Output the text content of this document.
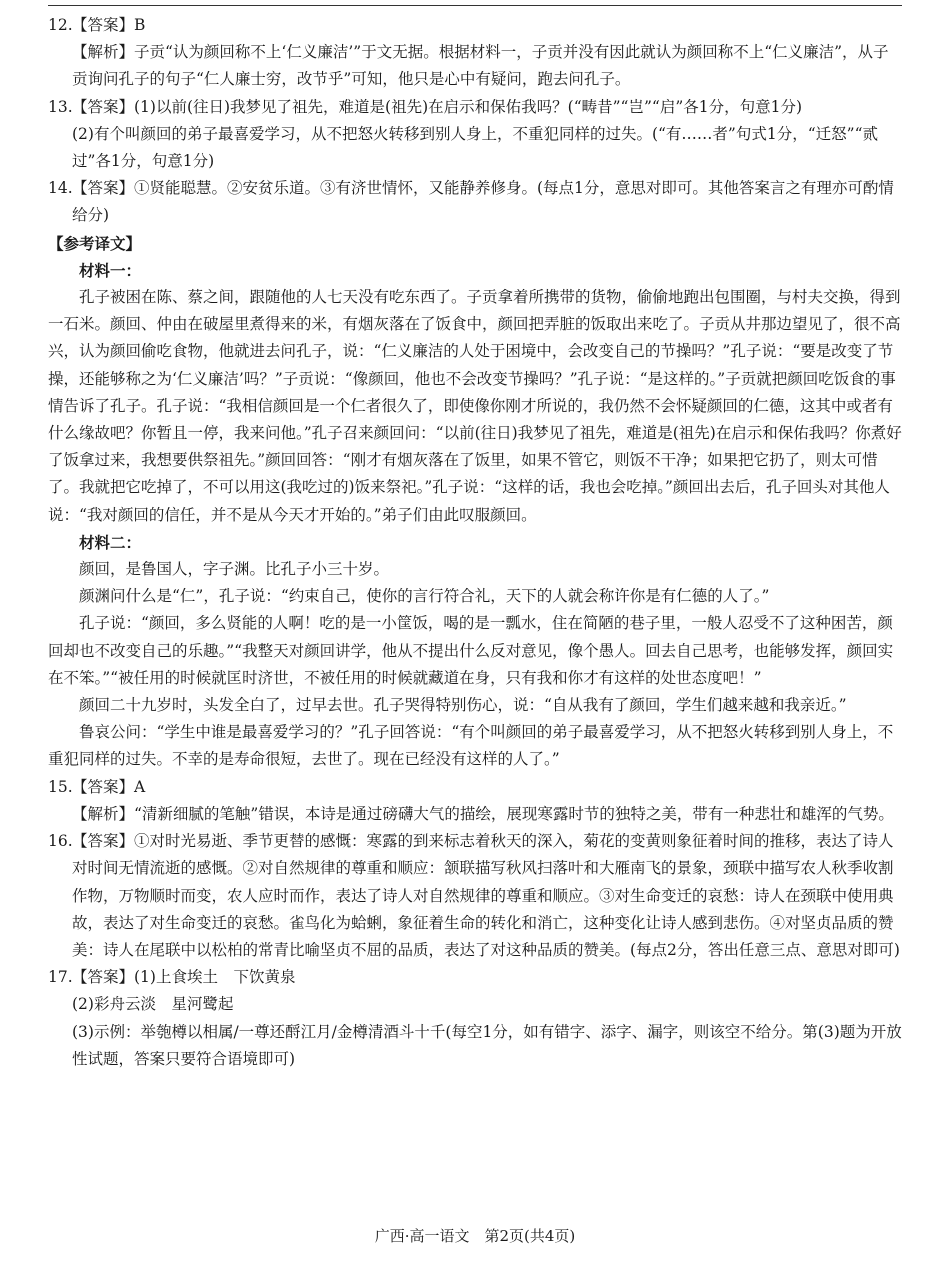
12. 【答案】B

【解析】子贡“认为颜回称不上‘仁义廉洁’”于文无据。根据材料一，子贡并没有因此就认为颜回称不上“仁义廉洁”，从子贡询问孔子的句子“仁人廉士穷，改节乎”可知，他只是心中有疑问，跑去问孔子。

13. 【答案】(1)以前(往日)我梦见了祖先，难道是(祖先)在启示和保佑我吗？(“畴昔”“岂”“启”各1分，句意1分)

(2)有个叫颜回的弟子最喜爱学习，从不把怒火转移到别人身上，不重犯同样的过失。(“有……者”句式1分，“迁怒”“贰过”各1分，句意1分)

14. 【答案】①贤能聪慧。②安贫乐道。③有济世情怀，又能静养修身。(每点1分，意思对即可。其他答案言之有理亦可酌情给分)

【参考译文】

材料一：

孔子被困在陈、蔡之间，跟随他的人七天没有吃东西了。子贡拿着所携带的货物，偷偷地跑出包围圈，与村夫交换，得到一石米。颜回、仲由在破屋里煮得来的米，有烟灰落在了饭食中，颜回把弄脏的饭取出来吃了。子贡从井那边望见了，很不高兴，认为颜回偷吃食物，他就进去问孔子，说：“仁义廉洁的人处于困境中，会改变自己的节操吗？”孔子说：“要是改变了节操，还能够称之为‘仁义廉洁’吗？”子贡说：“像颜回，他也不会改变节操吗？”孔子说：“是这样的。”子贡就把颜回吃饭食的事情告诉了孔子。孔子说：“我相信颜回是一个仁者很久了，即使像你刚才所说的，我仍然不会怀疑颜回的仁德，这其中或者有什么缘故吧？你暂且一停，我来问他。”孔子召来颜回问：“以前(往日)我梦见了祖先，难道是(祖先)在启示和保佑我吗？你煮好了饭拿过来，我想要供祭祖先。”颜回回答：“刚才有烟灰落在了饭里，如果不管它，则饭不干净；如果把它扔了，则太可惜了。我就把它吃掉了，不可以用这(我吃过的)饭来祭祀。”孔子说：“这样的话，我也会吃掉。”颜回出去后，孔子回头对其他人说：“我对颜回的信任，并不是从今天才开始的。”弟子们由此叹服颜回。

材料二：

颜回，是鲁国人，字子渊。比孔子小三十岁。

颜渊问什么是“仁”，孔子说：“约束自己，使你的言行符合礼，天下的人就会称许你是有仁德的人了。”

孔子说：“颜回，多么贤能的人啊！吃的是一小筐饭，喝的是一瓢水，住在简陋的巷子里，一般人忍受不了这种困苦，颜回却也不改变自己的乐趣。”“我整天对颜回讲学，他从不提出什么反对意见，像个愚人。回去自己思考，也能够发挥，颜回实在不笨。”“被任用的时候就匡时济世，不被任用的时候就藏道在身，只有我和你才有这样的处世态度吧！”

颜回二十九岁时，头发全白了，过早去世。孔子哭得特别伤心，说：“自从我有了颜回，学生们越来越和我亲近。”

鲁哀公问：“学生中谁是最喜爱学习的？”孔子回答说：“有个叫颜回的弟子最喜爱学习，从不把怒火转移到别人身上，不重犯同样的过失。不幸的是寿命很短，去世了。现在已经没有这样的人了。”

15. 【答案】A

【解析】“清新细腻的笔触”错误，本诗是通过磅礴大气的描绘，展现寒露时节的独特之美，带有一种悲壮和雄浑的气势。

16. 【答案】①对时光易逝、季节更替的感慨：寒露的到来标志着秋天的深入，菊花的变黄则象征着时间的推移，表达了诗人对时间无情流逝的感慨。②对自然规律的尊重和顺应：颔联描写秋风扫落叶和大雁南飞的景象，颈联中描写农人秋季收割作物，万物顺时而变，农人应时而作，表达了诗人对自然规律的尊重和顺应。③对生命变迁的哀愁：诗人在颈联中使用典故，表达了对生命变迁的哀愁。雀鸟化为蛤蜊，象征着生命的转化和消亡，这种变化让诗人感到悲伤。④对坚贞品质的赞美：诗人在尾联中以松柏的常青比喻坚贞不屈的品质，表达了对这种品质的赞美。(每点2分，答出任意三点、意思对即可)

17. 【答案】(1)上食埃土　下饮黄泉

(2)彩舟云淡　星河鹭起

(3)示例：举匏樽以相属/一尊还酹江月/金樽清酒斗十千(每空1分，如有错字、添字、漏字，则该空不给分。第(3)题为开放性试题，答案只要符合语境即可)

广西·高一语文　第2页(共4页)
